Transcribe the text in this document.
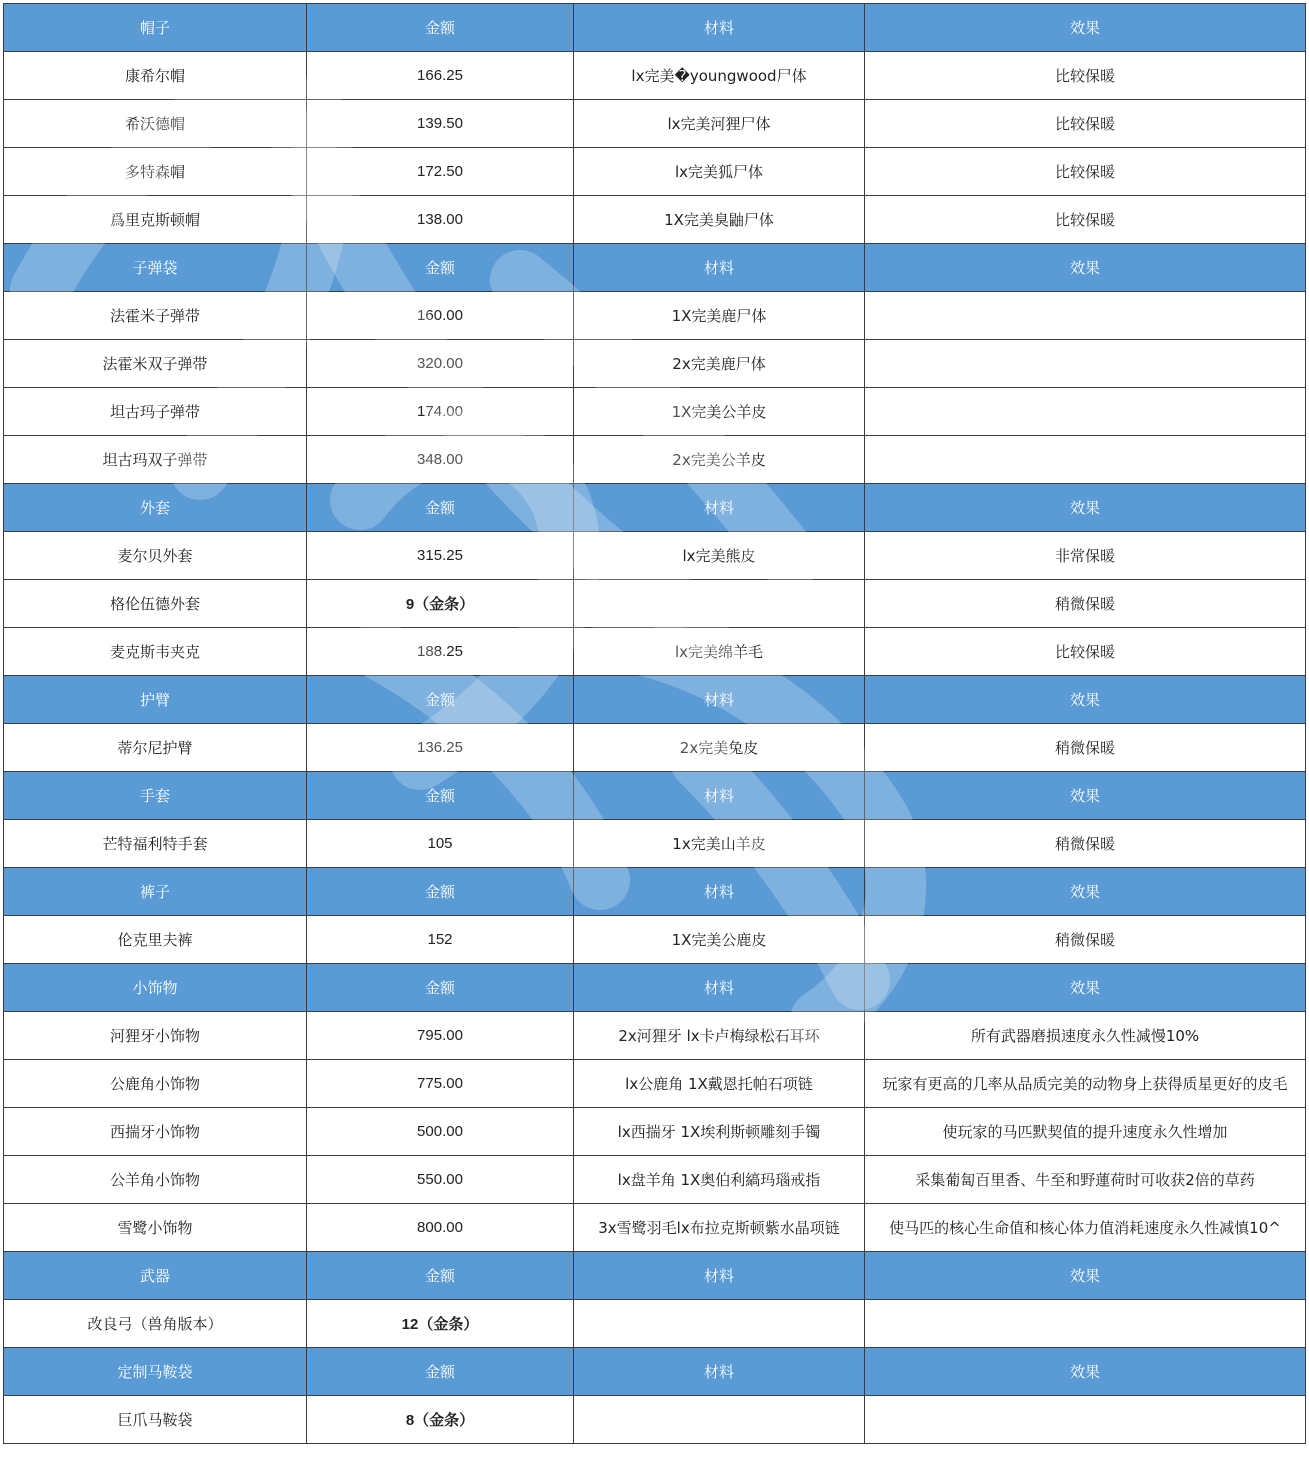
帽子	金额	材料	效果
康希尔帽	166.25	lx完美�youngwood尸体	比较保暖
希沃德帽	139.50	lx完美河狸尸体	比较保暖
多特森帽	172.50	lx完美狐尸体	比较保暖
爲里克斯顿帽	138.00	1X完美臭鼬尸体	比较保暖
子弹袋	金额	材料	效果
法霍米子弹带	160.00	1X完美鹿尸体	
法霍米双子弹带	320.00	2x完美鹿尸体	
坦古玛子弹带	174.00	1X完美公羊皮	
坦古玛双子弹带	348.00	2x完美公羊皮	
外套	金额	材料	效果
麦尔贝外套	315.25	lx完美熊皮	非常保暖
格伦伍德外套	9（金条）		稍微保暖
麦克斯韦夹克	188.25	lx完美绵羊毛	比较保暖
护臂	金额	材料	效果
蒂尔尼护臂	136.25	2x完美兔皮	稍微保暖
手套	金额	材料	效果
芒特福利特手套	105	1x完美山羊皮	稍微保暖
裤子	金额	材料	效果
伦克里夫裤	152	1X完美公鹿皮	稍微保暖
小饰物	金额	材料	效果
河狸牙小饰物	795.00	2x河狸牙 lx卡卢梅绿松石耳环	所有武器磨损速度永久性减慢10%
公鹿角小饰物	775.00	lx公鹿角 1X戴恩托帕石项链	玩家有更高的几率从品质完美的动物身上获得质星更好的皮毛
西揣牙小饰物	500.00	lx西揣牙 1X埃利斯顿雕刻手镯	使玩家的马匹默契值的提升速度永久性增加
公羊角小饰物	550.00	lx盘羊角 1X奥伯利縞玛瑙戒指	采集葡匐百里香、牛至和野蓮荷时可收获2倍的草药
雪鹭小饰物	800.00	3x雪鹭羽毛lx布拉克斯顿紫水晶项链	使马匹的核心生命值和核心体力值消耗速度永久性减慎10^
武器	金额	材料	效果
改良弓（兽角版本）	12（金条）		
定制马鞍袋	金额	材料	效果
巨爪马鞍袋	8（金条）		
